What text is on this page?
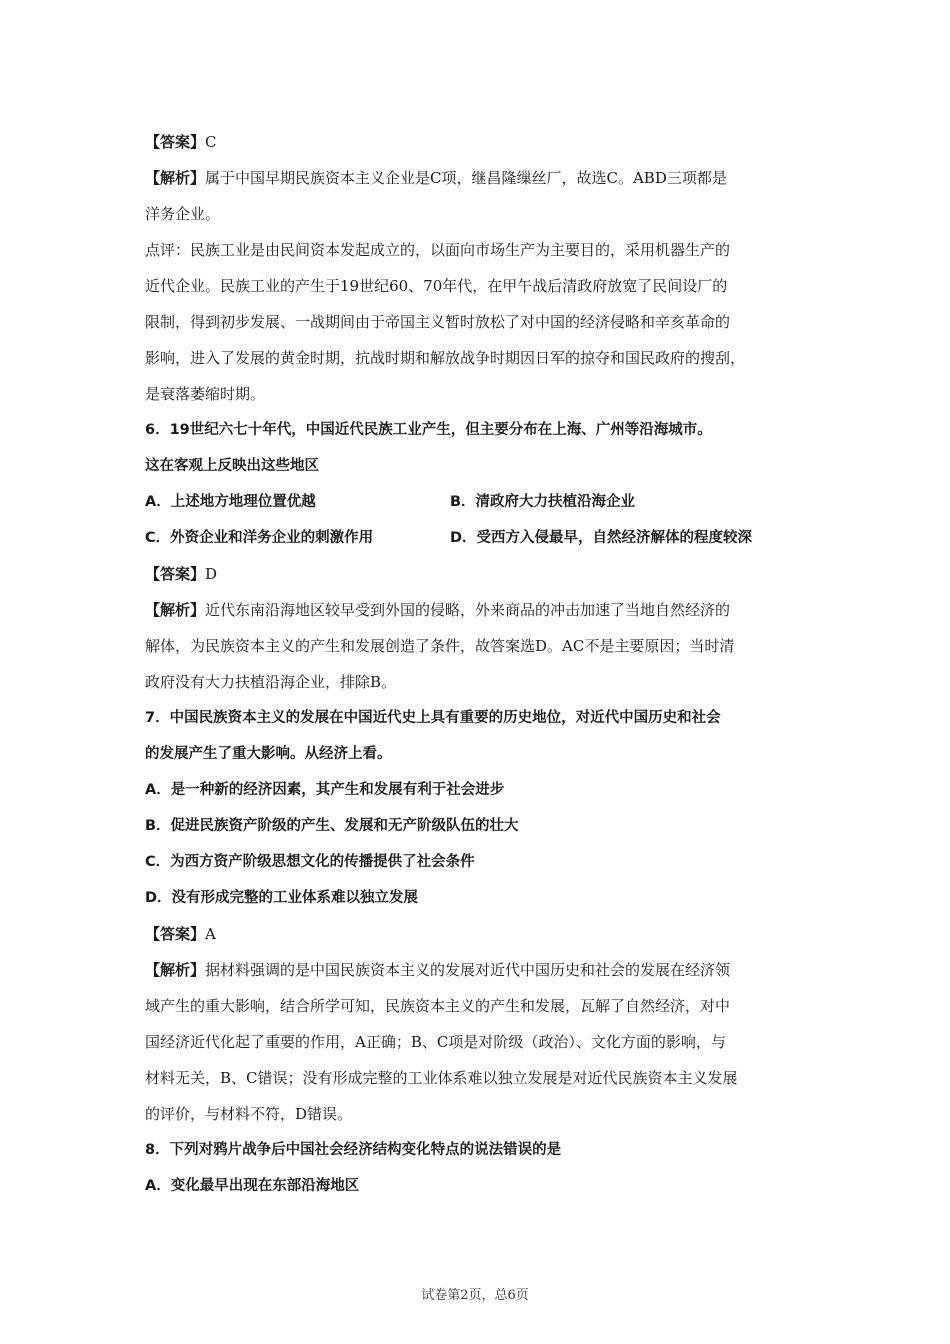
【答案】C
【解析】属于中国早期民族资本主义企业是C项，继昌隆缫丝厂，故选C。ABD三项都是
洋务企业。
点评：民族工业是由民间资本发起成立的，以面向市场生产为主要目的，采用机器生产的
近代企业。民族工业的产生于19世纪60、70年代，在甲午战后清政府放宽了民间设厂的
限制，得到初步发展、一战期间由于帝国主义暂时放松了对中国的经济侵略和辛亥革命的
影响，进入了发展的黄金时期，抗战时期和解放战争时期因日军的掠夺和国民政府的搜刮，
是衰落萎缩时期。
6．19世纪六七十年代，中国近代民族工业产生，但主要分布在上海、广州等沿海城市。
这在客观上反映出这些地区
A．上述地方地理位置优越	B．清政府大力扶植沿海企业
C．外资企业和洋务企业的刺激作用	D．受西方入侵最早，自然经济解体的程度较深
【答案】D
【解析】近代东南沿海地区较早受到外国的侵略，外来商品的冲击加速了当地自然经济的
解体，为民族资本主义的产生和发展创造了条件，故答案选D。AC不是主要原因；当时清
政府没有大力扶植沿海企业，排除B。
7．中国民族资本主义的发展在中国近代史上具有重要的历史地位，对近代中国历史和社会
的发展产生了重大影响。从经济上看。
A．是一种新的经济因素，其产生和发展有利于社会进步
B．促进民族资产阶级的产生、发展和无产阶级队伍的壮大
C．为西方资产阶级思想文化的传播提供了社会条件
D．没有形成完整的工业体系难以独立发展
【答案】A
【解析】据材料强调的是中国民族资本主义的发展对近代中国历史和社会的发展在经济领
域产生的重大影响，结合所学可知，民族资本主义的产生和发展，瓦解了自然经济，对中
国经济近代化起了重要的作用，A正确；B、C项是对阶级（政治）、文化方面的影响，与
材料无关，B、C错误；没有形成完整的工业体系难以独立发展是对近代民族资本主义发展
的评价，与材料不符，D错误。
8．下列对鸦片战争后中国社会经济结构变化特点的说法错误的是
A．变化最早出现在东部沿海地区
试卷第2页，总6页
